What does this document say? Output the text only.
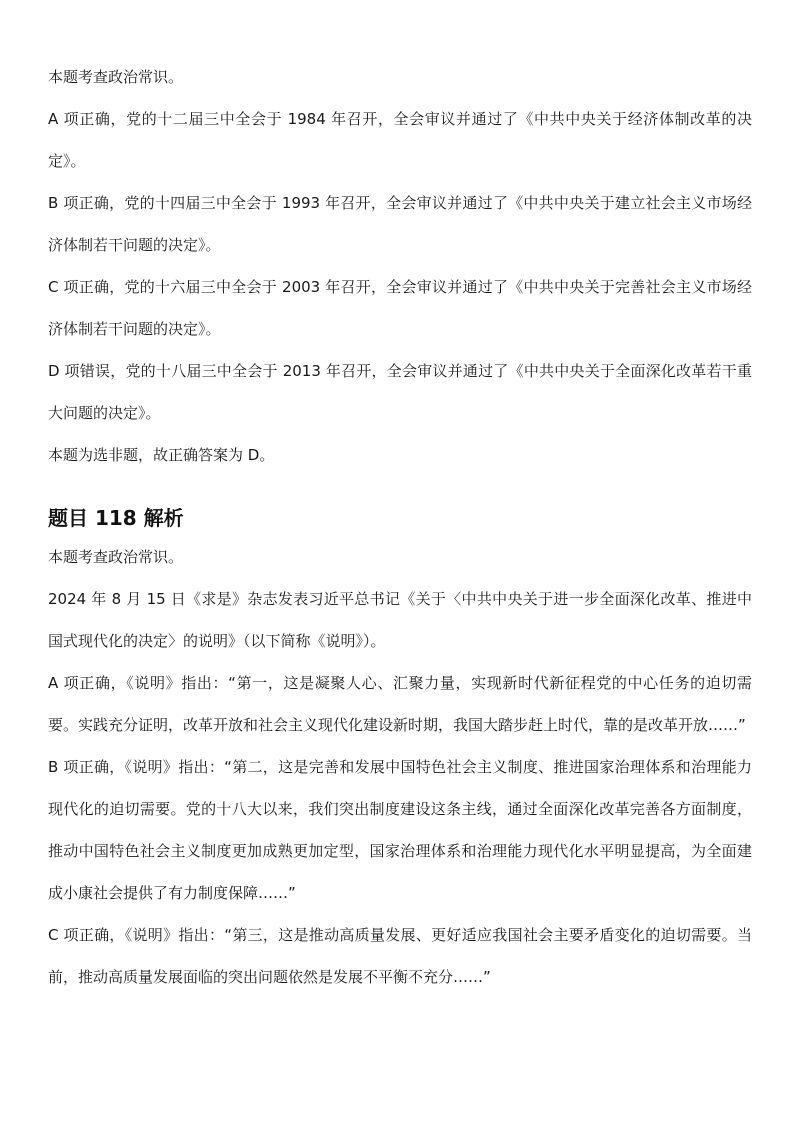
本题考查政治常识。

A 项正确，党的十二届三中全会于 1984 年召开，全会审议并通过了《中共中央关于经济体制改革的决定》。

B 项正确，党的十四届三中全会于 1993 年召开，全会审议并通过了《中共中央关于建立社会主义市场经济体制若干问题的决定》。

C 项正确，党的十六届三中全会于 2003 年召开，全会审议并通过了《中共中央关于完善社会主义市场经济体制若干问题的决定》。

D 项错误，党的十八届三中全会于 2013 年召开，全会审议并通过了《中共中央关于全面深化改革若干重大问题的决定》。

本题为选非题，故正确答案为 D。

题目 118 解析

本题考查政治常识。

2024 年 8 月 15 日《求是》杂志发表习近平总书记《关于〈中共中央关于进一步全面深化改革、推进中国式现代化的决定〉的说明》（以下简称《说明》）。

A 项正确，《说明》指出：“第一，这是凝聚人心、汇聚力量，实现新时代新征程党的中心任务的迫切需要。实践充分证明，改革开放和社会主义现代化建设新时期，我国大踏步赶上时代，靠的是改革开放……”

B 项正确，《说明》指出：“第二，这是完善和发展中国特色社会主义制度、推进国家治理体系和治理能力现代化的迫切需要。党的十八大以来，我们突出制度建设这条主线，通过全面深化改革完善各方面制度，推动中国特色社会主义制度更加成熟更加定型，国家治理体系和治理能力现代化水平明显提高，为全面建成小康社会提供了有力制度保障……”

C 项正确，《说明》指出：“第三，这是推动高质量发展、更好适应我国社会主要矛盾变化的迫切需要。当前，推动高质量发展面临的突出问题依然是发展不平衡不充分……”
